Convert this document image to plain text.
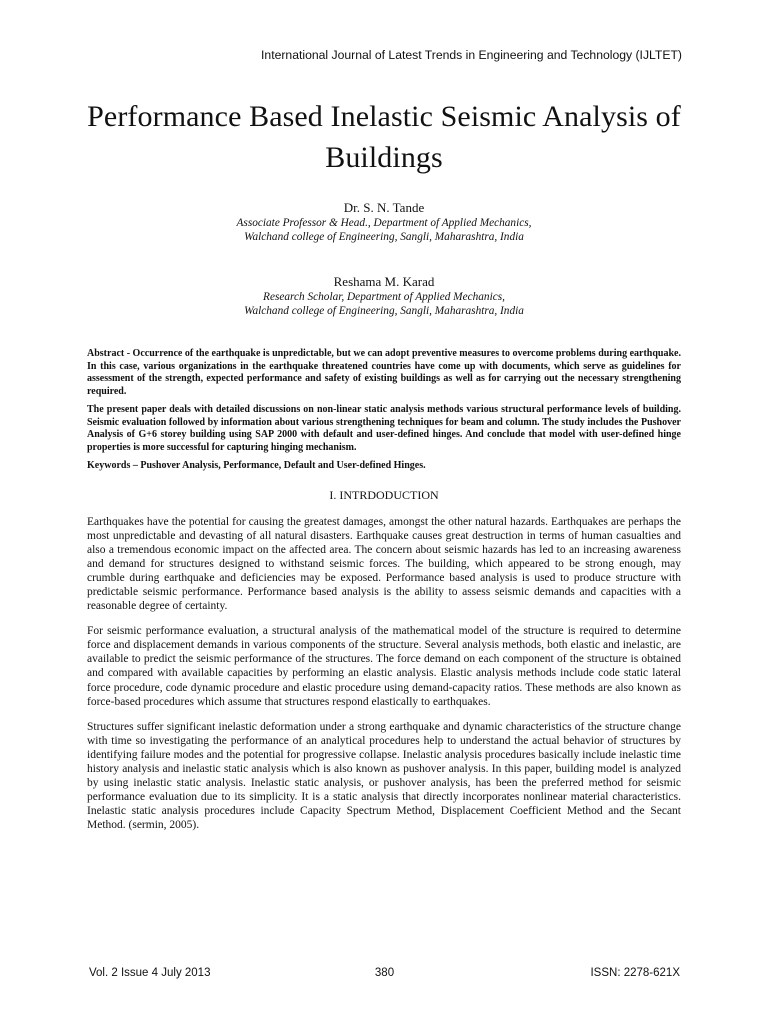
International Journal of Latest Trends in Engineering and Technology (IJLTET)
Performance Based Inelastic Seismic Analysis of Buildings
Dr. S. N. Tande
Associate Professor & Head., Department of Applied Mechanics,
Walchand college of Engineering, Sangli, Maharashtra, India
Reshama M. Karad
Research Scholar, Department of Applied Mechanics,
Walchand college of Engineering, Sangli, Maharashtra, India

Abstract - Occurrence of the earthquake is unpredictable, but we can adopt preventive measures to overcome problems during earthquake. In this case, various organizations in the earthquake threatened countries have come up with documents, which serve as guidelines for assessment of the strength, expected performance and safety of existing buildings as well as for carrying out the necessary strengthening required.

The present paper deals with detailed discussions on non-linear static analysis methods various structural performance levels of building. Seismic evaluation followed by information about various strengthening techniques for beam and column. The study includes the Pushover Analysis of G+6 storey building using SAP 2000 with default and user-defined hinges. And conclude that model with user-defined hinge properties is more successful for capturing hinging mechanism.

Keywords – Pushover Analysis, Performance, Default and User-defined Hinges.

I. INTRDODUCTION

Earthquakes have the potential for causing the greatest damages, amongst the other natural hazards. Earthquakes are perhaps the most unpredictable and devasting of all natural disasters. Earthquake causes great destruction in terms of human casualties and also a tremendous economic impact on the affected area. The concern about seismic hazards has led to an increasing awareness and demand for structures designed to withstand seismic forces. The building, which appeared to be strong enough, may crumble during earthquake and deficiencies may be exposed. Performance based analysis is used to produce structure with predictable seismic performance. Performance based analysis is the ability to assess seismic demands and capacities with a reasonable degree of certainty.

For seismic performance evaluation, a structural analysis of the mathematical model of the structure is required to determine force and displacement demands in various components of the structure. Several analysis methods, both elastic and inelastic, are available to predict the seismic performance of the structures. The force demand on each component of the structure is obtained and compared with available capacities by performing an elastic analysis. Elastic analysis methods include code static lateral force procedure, code dynamic procedure and elastic procedure using demand-capacity ratios. These methods are also known as force-based procedures which assume that structures respond elastically to earthquakes.

Structures suffer significant inelastic deformation under a strong earthquake and dynamic characteristics of the structure change with time so investigating the performance of an analytical procedures help to understand the actual behavior of structures by identifying failure modes and the potential for progressive collapse. Inelastic analysis procedures basically include inelastic time history analysis and inelastic static analysis which is also known as pushover analysis. In this paper, building model is analyzed by using inelastic static analysis. Inelastic static analysis, or pushover analysis, has been the preferred method for seismic performance evaluation due to its simplicity. It is a static analysis that directly incorporates nonlinear material characteristics. Inelastic static analysis procedures include Capacity Spectrum Method, Displacement Coefficient Method and the Secant Method. (sermin, 2005).

Vol. 2 Issue 4 July 2013	380	ISSN: 2278-621X
